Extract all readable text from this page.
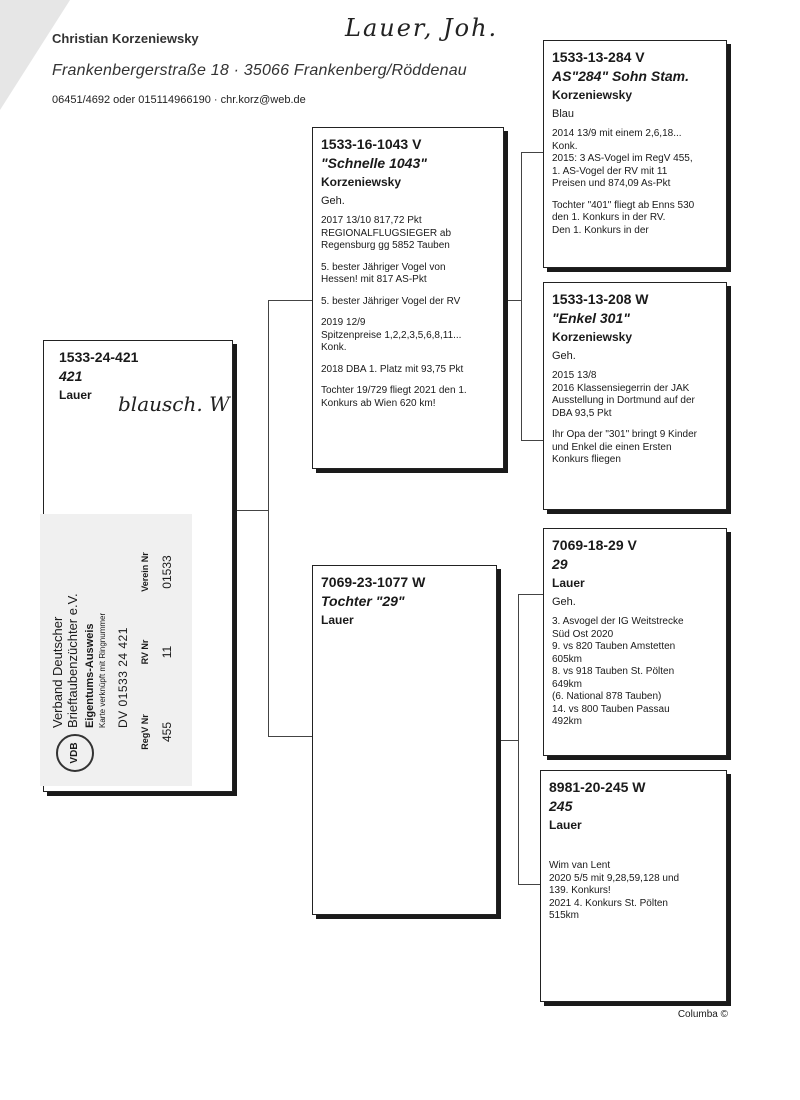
Christian Korzeniewsky
Frankenbergerstraße 18 · 35066 Frankenberg/Röddenau
06451/4692 oder 015114966190 · chr.korz@web.de
Lauer, Joh.
1533-24-421
421
Lauer	blausch. W
VDB
Verband Deutscher Brieftaubenzüchter e.V. Eigentums-Ausweis Karte verknüpft mit Ringnummer DV 01533 24 421
RegV NrRV NrVerein Nr
4551101533
1533-16-1043 V
"Schnelle 1043"
Korzeniewsky
Geh.

2017 13/10 817,72 Pkt
REGIONALFLUGSIEGER ab
Regensburg gg 5852 Tauben

5. bester Jähriger Vogel von
Hessen! mit 817 AS-Pkt

5. bester Jähriger Vogel der RV

2019 12/9
Spitzenpreise 1,2,2,3,5,6,8,11...
Konk.

2018 DBA 1. Platz mit 93,75 Pkt

Tochter 19/729 fliegt 2021 den 1.
Konkurs ab Wien 620 km!

7069-23-1077 W
Tochter "29"
Lauer
1533-13-284 V
AS"284" Sohn Stam.
Korzeniewsky
Blau

2014 13/9 mit einem 2,6,18...
Konk.
2015: 3 AS-Vogel im RegV 455,
1. AS-Vogel der RV mit 11
Preisen und 874,09 As-Pkt

Tochter "401" fliegt ab Enns 530
den 1. Konkurs in der RV.
Den 1. Konkurs in der

1533-13-208 W
"Enkel 301"
Korzeniewsky
Geh.

2015 13/8
2016 Klassensiegerrin der JAK
Ausstellung in Dortmund auf der
DBA 93,5 Pkt

Ihr Opa der "301" bringt 9 Kinder
und Enkel die einen Ersten
Konkurs fliegen

7069-18-29 V
29
Lauer
Geh.

3. Asvogel der IG Weitstrecke
Süd Ost 2020
9. vs 820 Tauben Amstetten
605km
8. vs 918 Tauben St. Pölten
649km
(6. National 878 Tauben)
14. vs 800 Tauben Passau
492km

8981-20-245 W
245
Lauer

Wim van Lent
2020 5/5 mit 9,28,59,128 und
139. Konkurs!
2021 4. Konkurs St. Pölten
515km

Columba ©
